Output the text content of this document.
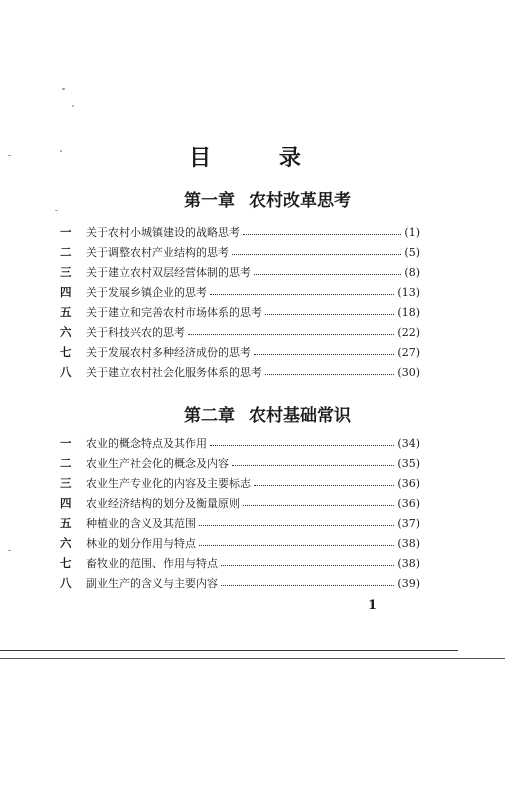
目 录
第一章 农村改革思考
一	关于农村小城镇建设的战略思考	(1)
二	关于调整农村产业结构的思考	(5)
三	关于建立农村双层经营体制的思考	(8)
四	关于发展乡镇企业的思考	(13)
五	关于建立和完善农村市场体系的思考	(18)
六	关于科技兴农的思考	(22)
七	关于发展农村多种经济成份的思考	(27)
八	关于建立农村社会化服务体系的思考	(30)
第二章 农村基础常识
一	农业的概念特点及其作用	(34)
二	农业生产社会化的概念及内容	(35)
三	农业生产专业化的内容及主要标志	(36)
四	农业经济结构的划分及衡量原则	(36)
五	种植业的含义及其范围	(37)
六	林业的划分作用与特点	(38)
七	畜牧业的范围、作用与特点	(38)
八	副业生产的含义与主要内容	(39)
1
